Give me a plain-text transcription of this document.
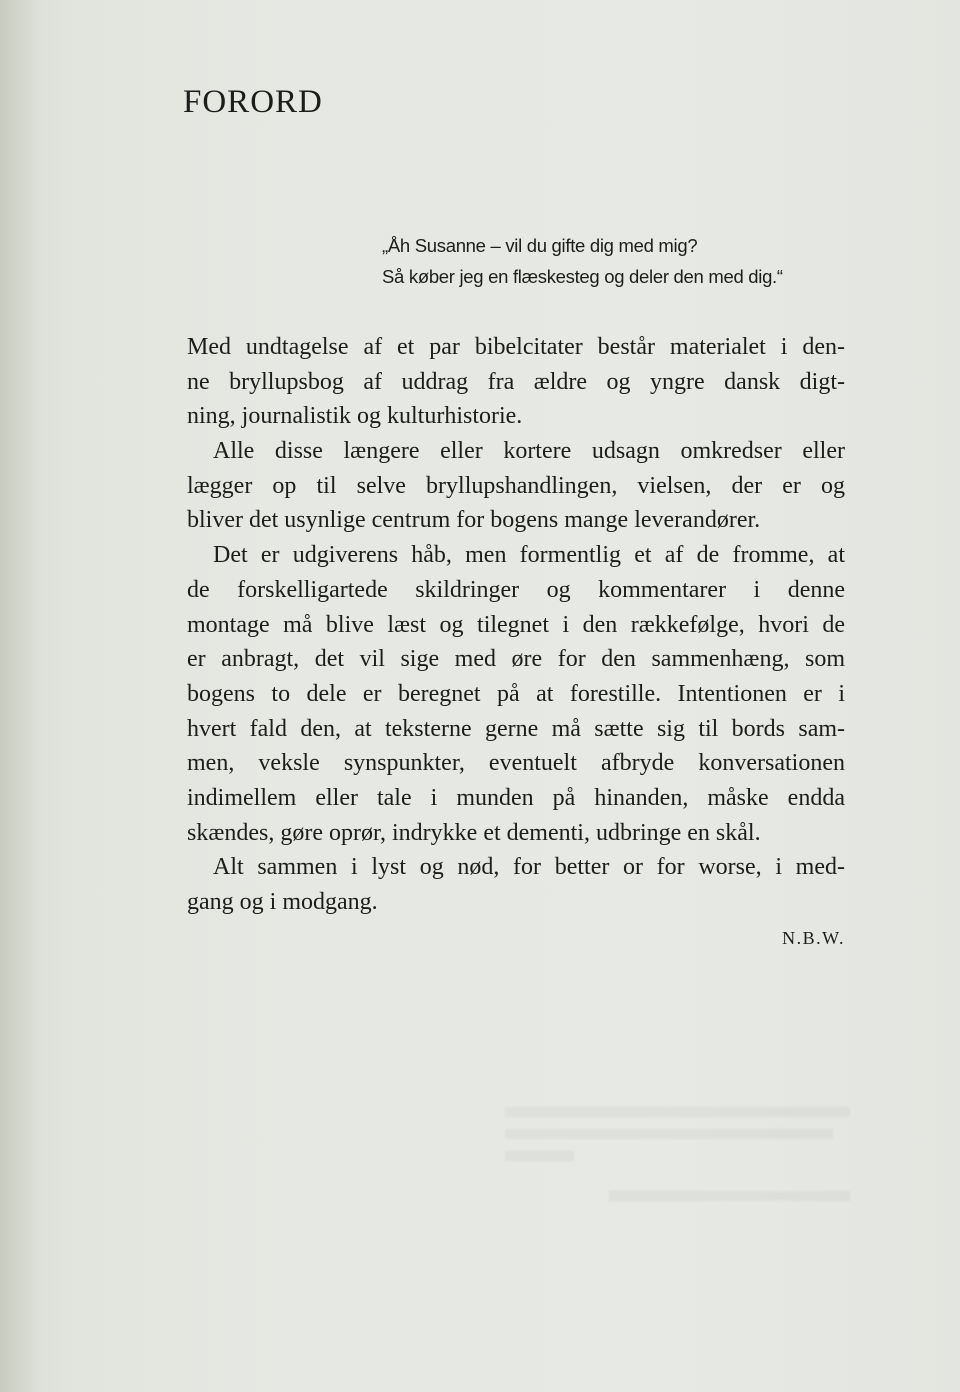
FORORD
„Åh Susanne – vil du gifte dig med mig?
Så køber jeg en flæskesteg og deler den med dig.“
Med undtagelse af et par bibelcitater består materialet i den-
ne bryllupsbog af uddrag fra ældre og yngre dansk digt-
ning, journalistik og kulturhistorie.
Alle disse længere eller kortere udsagn omkredser eller
lægger op til selve bryllupshandlingen, vielsen, der er og
bliver det usynlige centrum for bogens mange leverandører.
Det er udgiverens håb, men formentlig et af de fromme, at
de forskelligartede skildringer og kommentarer i denne
montage må blive læst og tilegnet i den rækkefølge, hvori de
er anbragt, det vil sige med øre for den sammenhæng, som
bogens to dele er beregnet på at forestille. Intentionen er i
hvert fald den, at teksterne gerne må sætte sig til bords sam-
men, veksle synspunkter, eventuelt afbryde konversationen
indimellem eller tale i munden på hinanden, måske endda
skændes, gøre oprør, indrykke et dementi, udbringe en skål.
Alt sammen i lyst og nød, for better or for worse, i med-
gang og i modgang.
N.B.W.
